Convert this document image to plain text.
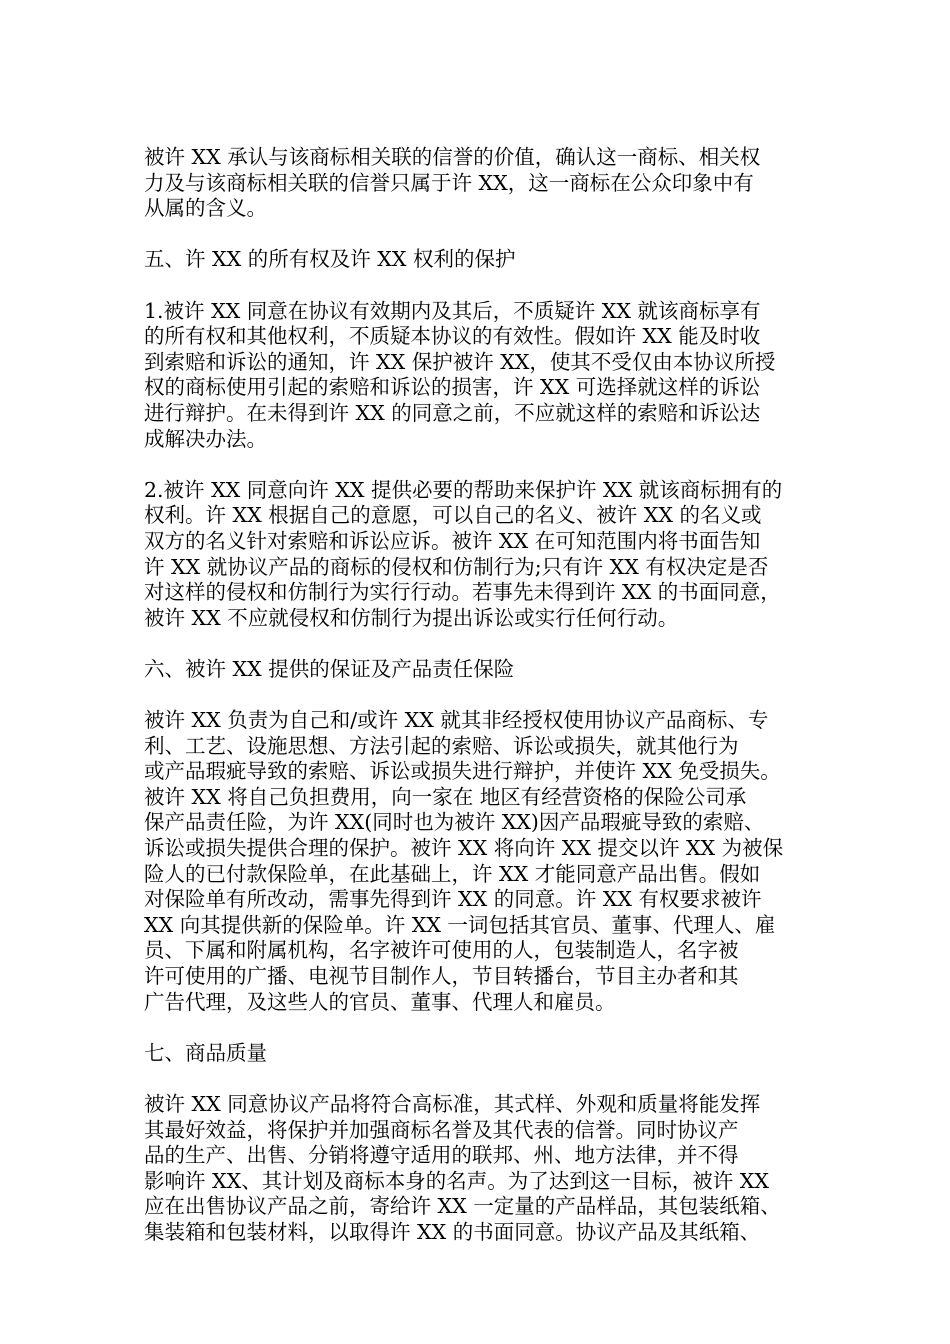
被许 XX 承认与该商标相关联的信誉的价值，确认这一商标、相关权
力及与该商标相关联的信誉只属于许 XX，这一商标在公众印象中有
从属的含义。
五、许 XX 的所有权及许 XX 权利的保护
1.被许 XX 同意在协议有效期内及其后，不质疑许 XX 就该商标享有
的所有权和其他权利，不质疑本协议的有效性。假如许 XX 能及时收
到索赔和诉讼的通知，许 XX 保护被许 XX，使其不受仅由本协议所授
权的商标使用引起的索赔和诉讼的损害，许 XX 可选择就这样的诉讼
进行辩护。在未得到许 XX 的同意之前，不应就这样的索赔和诉讼达
成解决办法。
2.被许 XX 同意向许 XX 提供必要的帮助来保护许 XX 就该商标拥有的
权利。许 XX 根据自己的意愿，可以自己的名义、被许 XX 的名义或
双方的名义针对索赔和诉讼应诉。被许 XX 在可知范围内将书面告知
许 XX 就协议产品的商标的侵权和仿制行为;只有许 XX 有权决定是否
对这样的侵权和仿制行为实行行动。若事先未得到许 XX 的书面同意，
被许 XX 不应就侵权和仿制行为提出诉讼或实行任何行动。
六、被许 XX 提供的保证及产品责任保险
被许 XX 负责为自己和/或许 XX 就其非经授权使用协议产品商标、专
利、工艺、设施思想、方法引起的索赔、诉讼或损失，就其他行为
或产品瑕疵导致的索赔、诉讼或损失进行辩护，并使许 XX 免受损失。
被许 XX 将自己负担费用，向一家在 地区有经营资格的保险公司承
保产品责任险，为许 XX(同时也为被许 XX)因产品瑕疵导致的索赔、
诉讼或损失提供合理的保护。被许 XX 将向许 XX 提交以许 XX 为被保
险人的已付款保险单，在此基础上，许 XX 才能同意产品出售。假如
对保险单有所改动，需事先得到许 XX 的同意。许 XX 有权要求被许
XX 向其提供新的保险单。许 XX 一词包括其官员、董事、代理人、雇
员、下属和附属机构，名字被许可使用的人，包装制造人，名字被
许可使用的广播、电视节目制作人，节目转播台，节目主办者和其
广告代理，及这些人的官员、董事、代理人和雇员。
七、商品质量
被许 XX 同意协议产品将符合高标准，其式样、外观和质量将能发挥
其最好效益，将保护并加强商标名誉及其代表的信誉。同时协议产
品的生产、出售、分销将遵守适用的联邦、州、地方法律，并不得
影响许 XX、其计划及商标本身的名声。为了达到这一目标，被许 XX
应在出售协议产品之前，寄给许 XX 一定量的产品样品，其包装纸箱、
集装箱和包装材料，以取得许 XX 的书面同意。协议产品及其纸箱、
